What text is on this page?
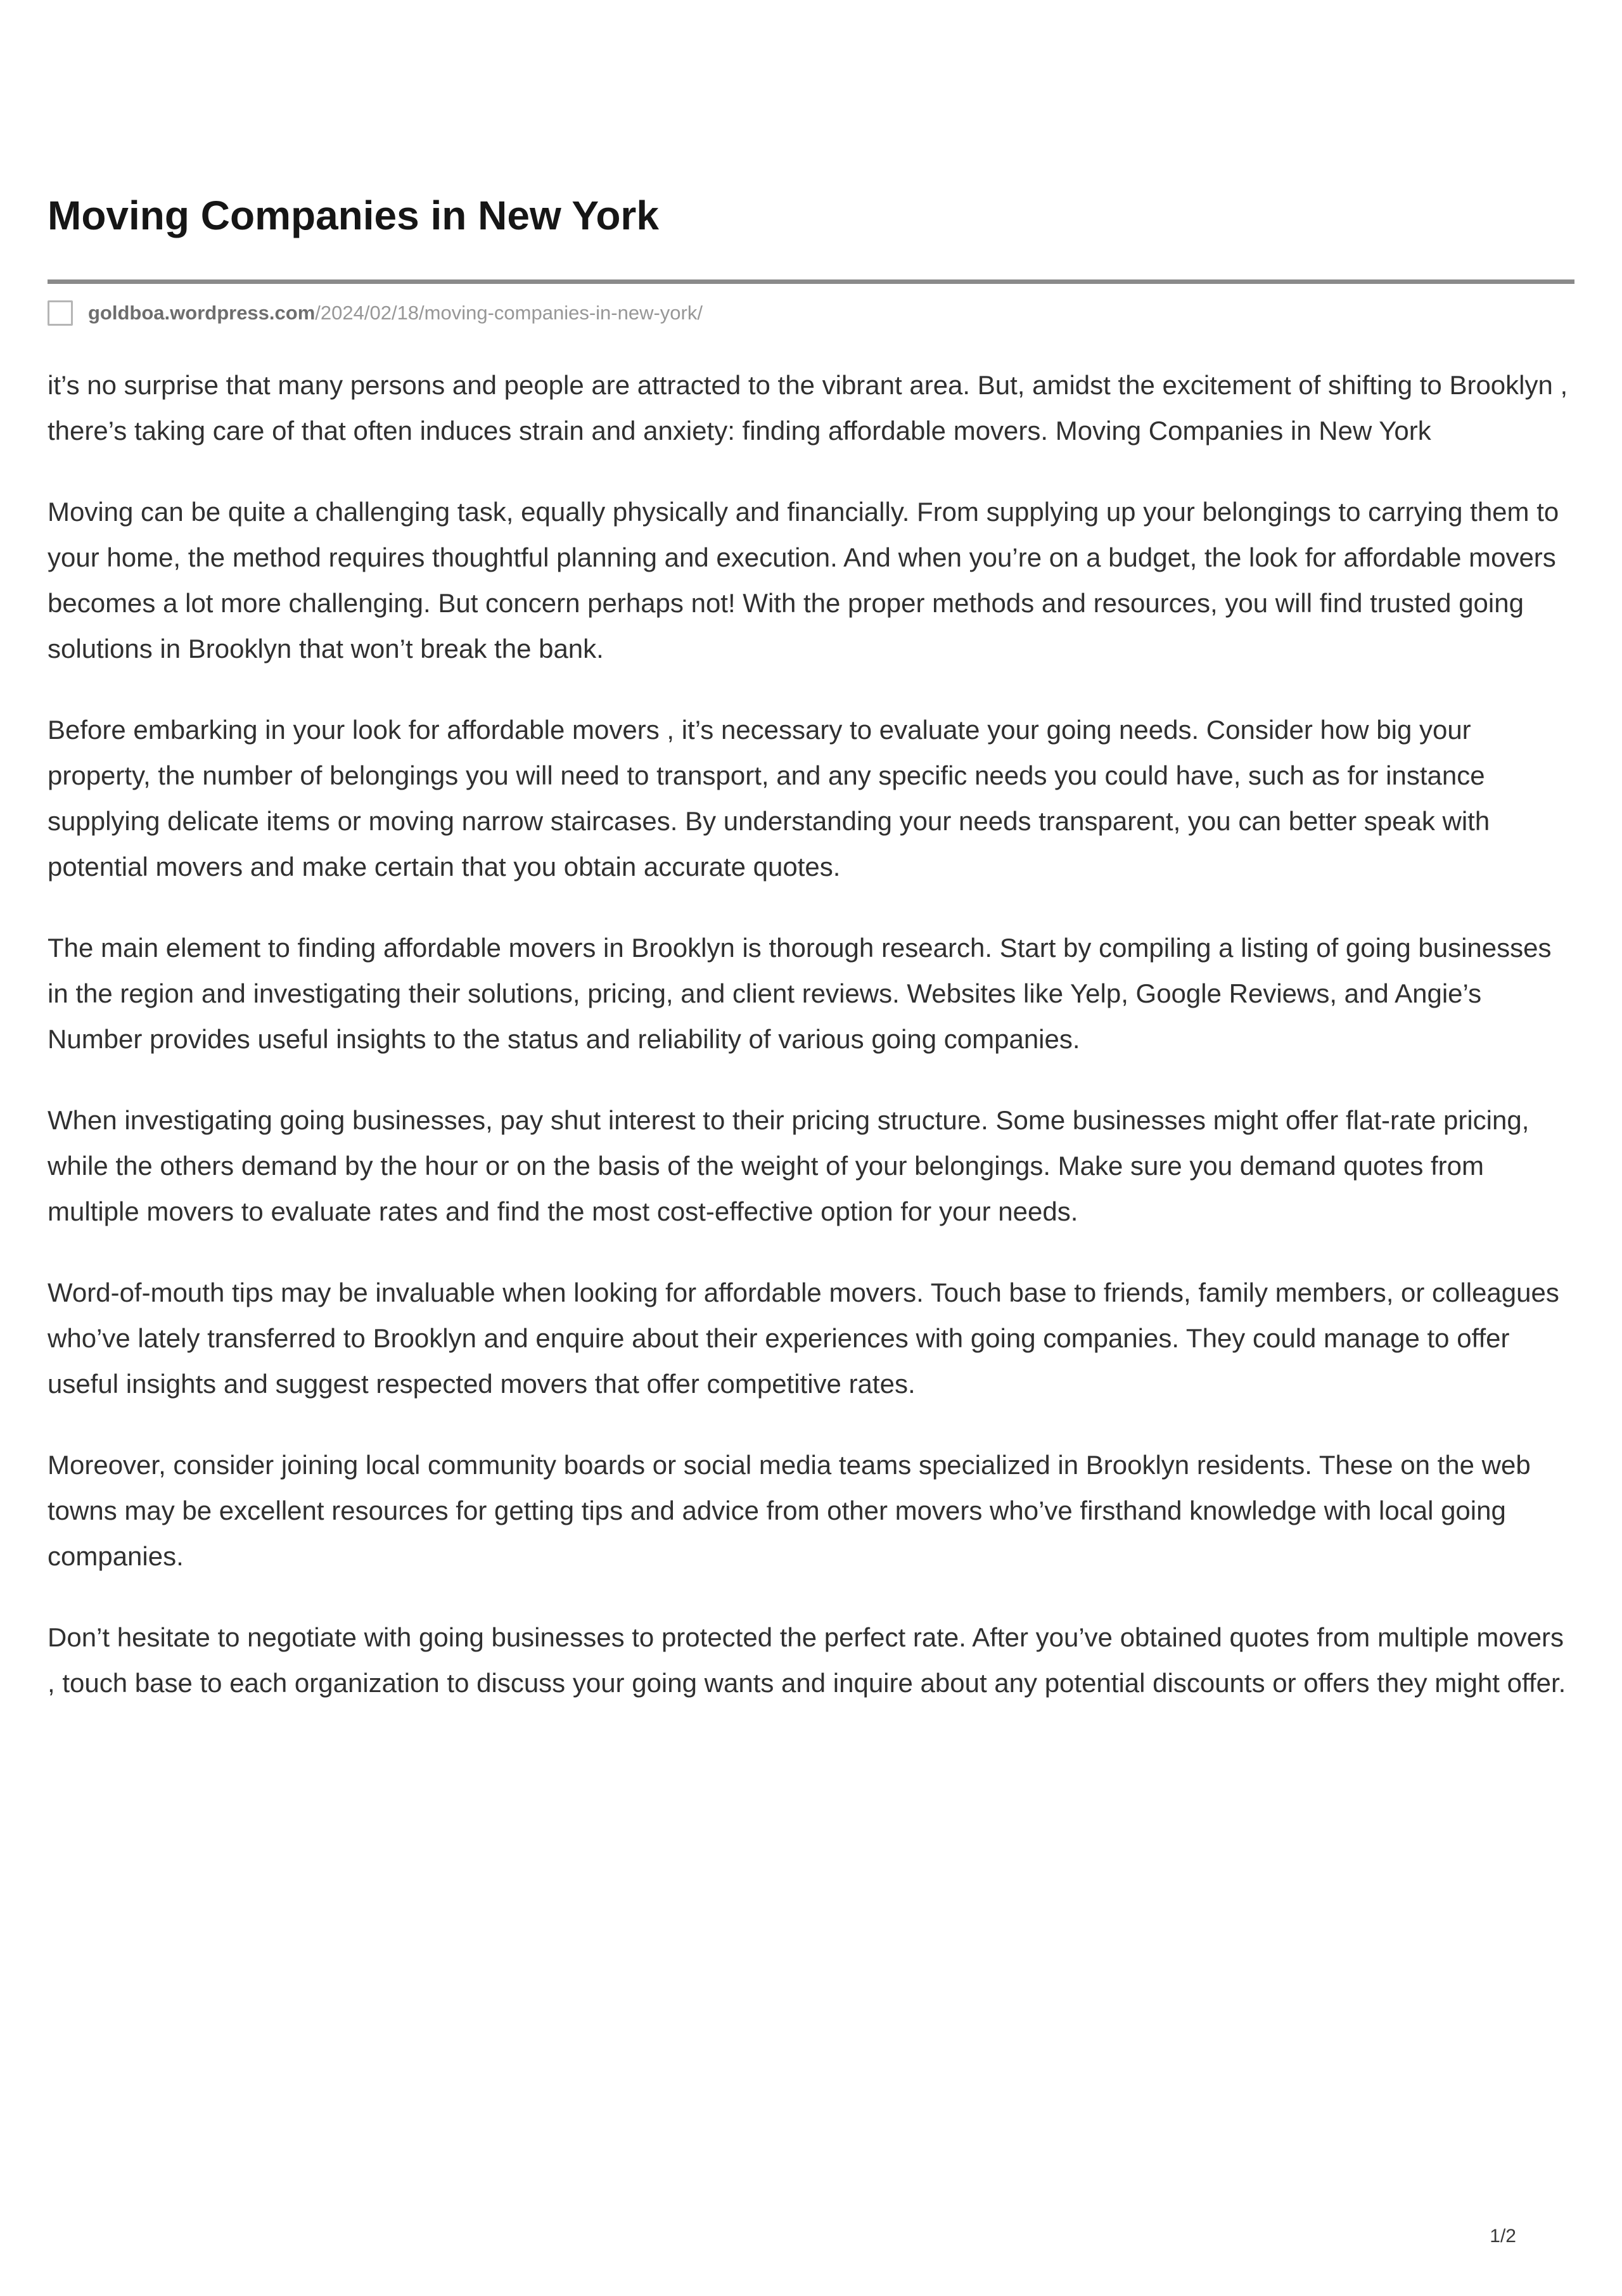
Moving Companies in New York
goldboa.wordpress.com/2024/02/18/moving-companies-in-new-york/

it’s no surprise that many persons and people are attracted to the vibrant area. But, amidst the excitement of shifting to Brooklyn , there’s taking care of that often induces strain and anxiety: finding affordable movers. Moving Companies in New York

Moving can be quite a challenging task, equally physically and financially. From supplying up your belongings to carrying them to your home, the method requires thoughtful planning and execution. And when you’re on a budget, the look for affordable movers becomes a lot more challenging. But concern perhaps not! With the proper methods and resources, you will find trusted going solutions in Brooklyn that won’t break the bank.

Before embarking in your look for affordable movers , it’s necessary to evaluate your going needs. Consider how big your property, the number of belongings you will need to transport, and any specific needs you could have, such as for instance supplying delicate items or moving narrow staircases. By understanding your needs transparent, you can better speak with potential movers and make certain that you obtain accurate quotes.

The main element to finding affordable movers in Brooklyn is thorough research. Start by compiling a listing of going businesses in the region and investigating their solutions, pricing, and client reviews. Websites like Yelp, Google Reviews, and Angie’s Number provides useful insights to the status and reliability of various going companies.

When investigating going businesses, pay shut interest to their pricing structure. Some businesses might offer flat-rate pricing, while the others demand by the hour or on the basis of the weight of your belongings. Make sure you demand quotes from multiple movers to evaluate rates and find the most cost-effective option for your needs.

Word-of-mouth tips may be invaluable when looking for affordable movers. Touch base to friends, family members, or colleagues who’ve lately transferred to Brooklyn and enquire about their experiences with going companies. They could manage to offer useful insights and suggest respected movers that offer competitive rates.

Moreover, consider joining local community boards or social media teams specialized in Brooklyn residents. These on the web towns may be excellent resources for getting tips and advice from other movers who’ve firsthand knowledge with local going companies.

Don’t hesitate to negotiate with going businesses to protected the perfect rate. After you’ve obtained quotes from multiple movers , touch base to each organization to discuss your going wants and inquire about any potential discounts or offers they might offer.

1/2
